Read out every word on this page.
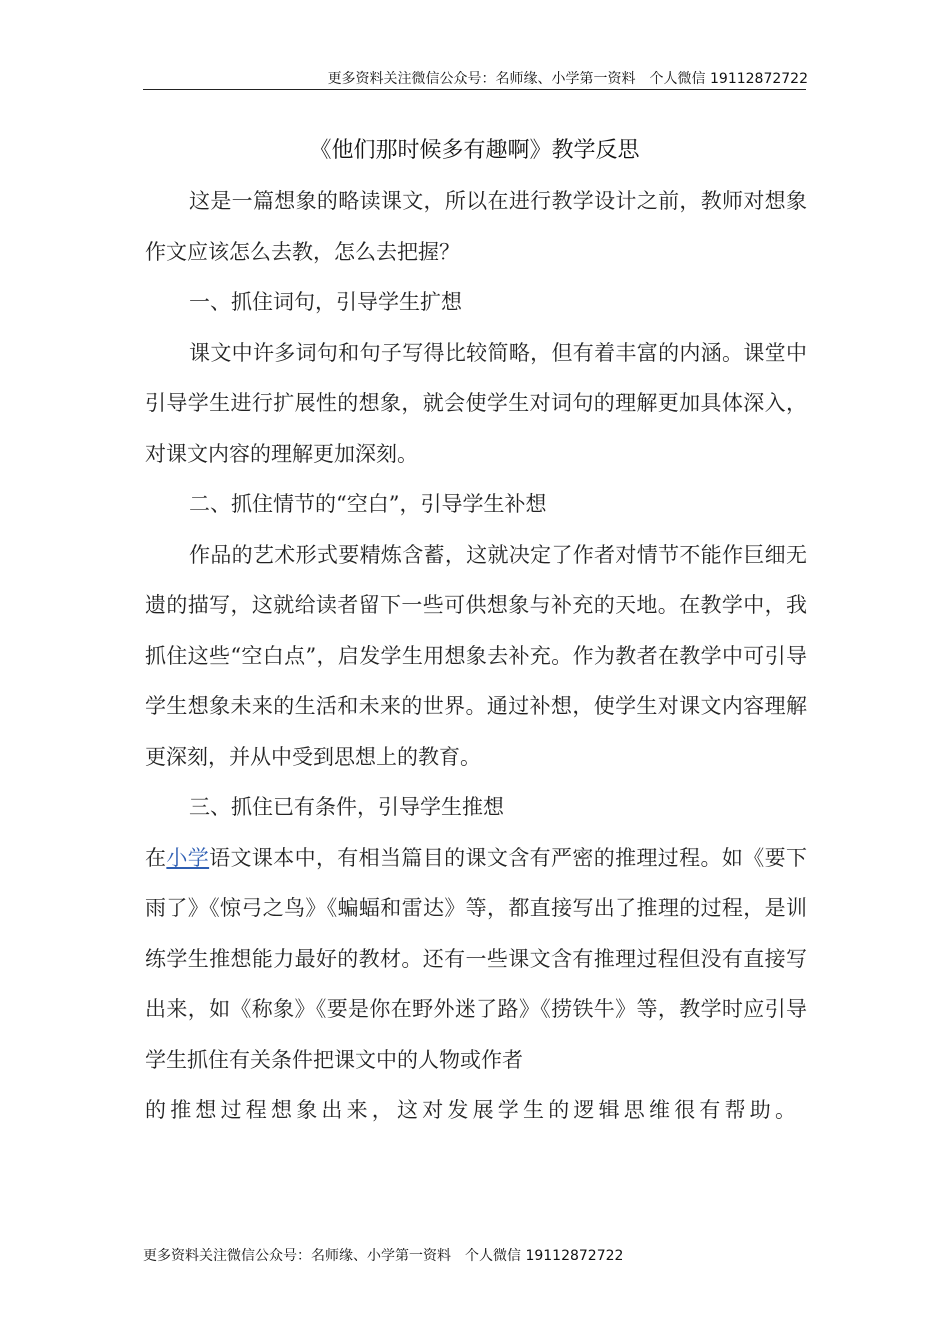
更多资料关注微信公众号：名师缘、小学第一资料　个人微信 19112872722
《他们那时候多有趣啊》教学反思

这是一篇想象的略读课文，所以在进行教学设计之前，教师对想象作文应该怎么去教，怎么去把握？

一、抓住词句，引导学生扩想

课文中许多词句和句子写得比较简略，但有着丰富的内涵。课堂中引导学生进行扩展性的想象，就会使学生对词句的理解更加具体深入，对课文内容的理解更加深刻。

二、抓住情节的“空白”，引导学生补想

作品的艺术形式要精炼含蓄，这就决定了作者对情节不能作巨细无遗的描写，这就给读者留下一些可供想象与补充的天地。在教学中，我抓住这些“空白点”，启发学生用想象去补充。作为教者在教学中可引导学生想象未来的生活和未来的世界。通过补想，使学生对课文内容理解更深刻，并从中受到思想上的教育。

三、抓住已有条件，引导学生推想

在小学语文课本中，有相当篇目的课文含有严密的推理过程。如《要下雨了》《惊弓之鸟》《蝙蝠和雷达》等，都直接写出了推理的过程，是训练学生推想能力最好的教材。还有一些课文含有推理过程但没有直接写出来，如《称象》《要是你在野外迷了路》《捞铁牛》等，教学时应引导学生抓住有关条件把课文中的人物或作者

的推想过程想象出来，这对发展学生的逻辑思维很有帮助。

更多资料关注微信公众号：名师缘、小学第一资料　个人微信 19112872722
